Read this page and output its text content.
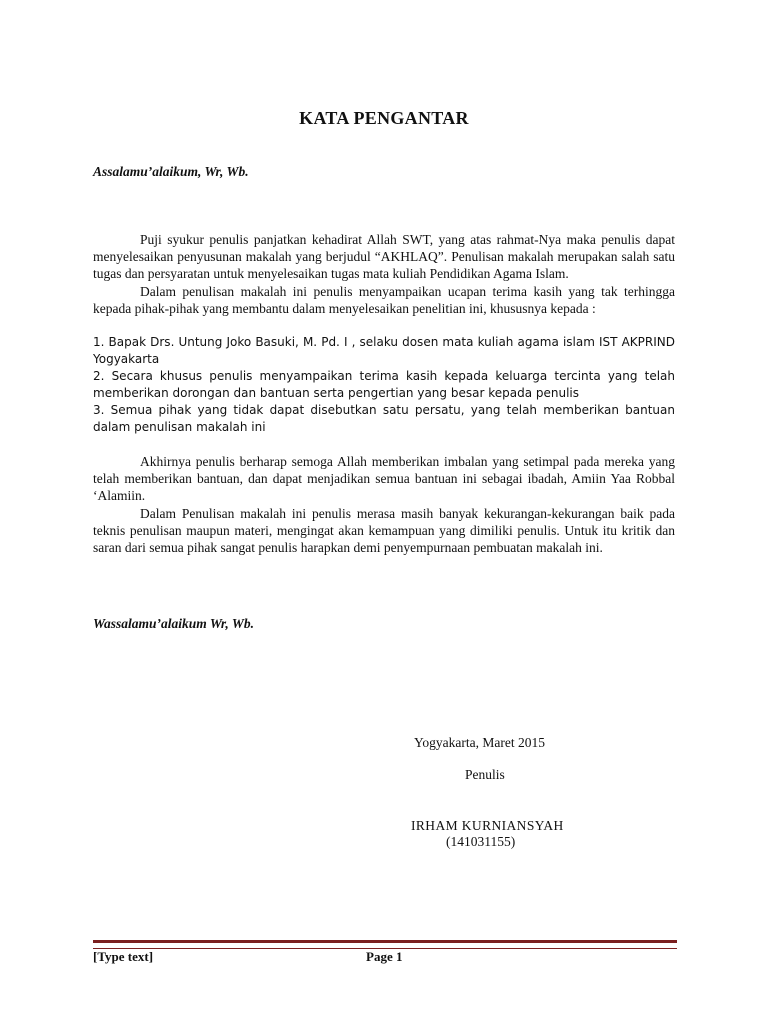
KATA PENGANTAR
Assalamu’alaikum, Wr, Wb.

Puji syukur penulis panjatkan kehadirat Allah SWT, yang atas rahmat-Nya maka penulis dapat menyelesaikan penyusunan makalah yang berjudul “AKHLAQ”. Penulisan makalah merupakan salah satu tugas dan persyaratan untuk menyelesaikan tugas mata kuliah Pendidikan Agama Islam.

Dalam penulisan makalah ini penulis menyampaikan ucapan terima kasih yang tak terhingga kepada pihak-pihak yang membantu dalam menyelesaikan penelitian ini, khususnya kepada :

1. Bapak Drs. Untung Joko Basuki, M. Pd. I , selaku dosen mata kuliah agama islam IST AKPRIND Yogyakarta

2. Secara khusus penulis menyampaikan terima kasih kepada keluarga tercinta yang telah memberikan dorongan dan bantuan serta pengertian yang besar kepada penulis

3. Semua pihak yang tidak dapat disebutkan satu persatu, yang telah memberikan bantuan dalam penulisan makalah ini

Akhirnya penulis berharap semoga Allah memberikan imbalan yang setimpal pada mereka yang telah memberikan bantuan, dan dapat menjadikan semua bantuan ini sebagai ibadah, Amiin Yaa Robbal ‘Alamiin.

Dalam Penulisan makalah ini penulis merasa masih banyak kekurangan-kekurangan baik pada teknis penulisan maupun materi, mengingat akan kemampuan yang dimiliki penulis. Untuk itu kritik dan saran dari semua pihak sangat penulis harapkan demi penyempurnaan pembuatan makalah ini.

Wassalamu’alaikum Wr, Wb.
Yogyakarta, Maret 2015
Penulis
IRHAM KURNIANSYAH
(141031155)
[Type text]	Page 1
